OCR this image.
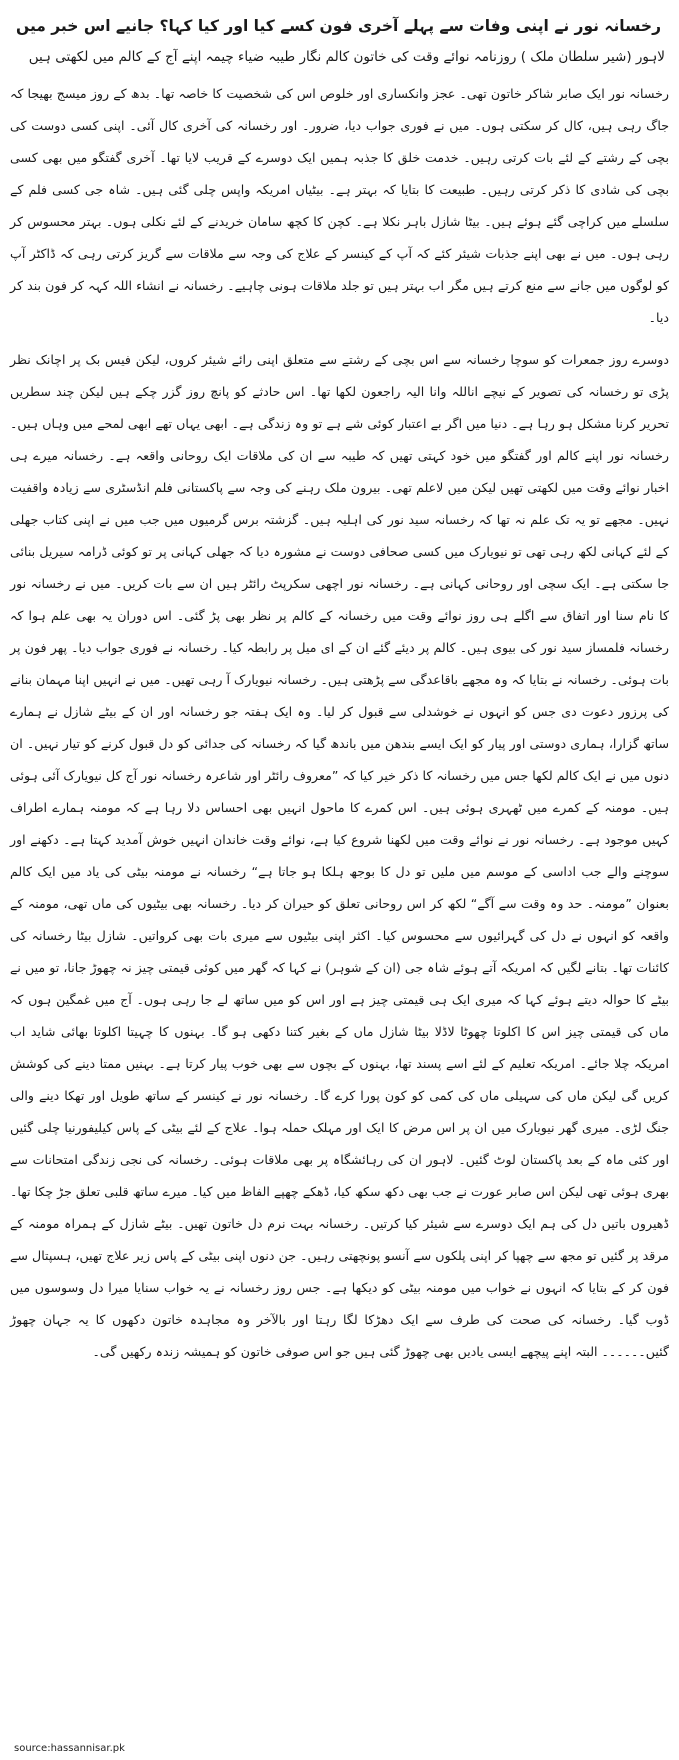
رخسانہ نور نے اپنی وفات سے پہلے آخری فون کسے کیا اور کیا کہا؟ جانیے اس خبر میں
لاہور (شیر سلطان ملک ) روزنامہ نوائے وقت کی خاتون کالم نگار طیبہ ضیاء چیمہ اپنے آج کے کالم میں لکھتی ہیں

رخسانہ نور ایک صابر شاکر خاتون تھی۔ عجز وانکساری اور خلوص اس کی شخصیت کا خاصہ تھا۔ بدھ کے روز میسج بھیجا کہ جاگ رہی ہیں، کال کر سکتی ہوں۔ میں نے فوری جواب دیا، ضرور۔ اور رخسانہ کی آخری کال آئی۔ اپنی کسی دوست کی بچی کے رشتے کے لئے بات کرتی رہیں۔ خدمت خلق کا جذبہ ہمیں ایک دوسرے کے قریب لایا تھا۔ آخری گفتگو میں بھی کسی بچی کی شادی کا ذکر کرتی رہیں۔ طبیعت کا بتایا کہ بہتر ہے۔ بیٹیاں امریکہ واپس چلی گئی ہیں۔ شاہ جی کسی فلم کے سلسلے میں کراچی گئے ہوئے ہیں۔ بیٹا شازل باہر نکلا ہے۔ کچن کا کچھ سامان خریدنے کے لئے نکلی ہوں۔ بہتر محسوس کر رہی ہوں۔ میں نے بھی اپنے جذبات شیئر کئے کہ آپ کے کینسر کے علاج کی وجہ سے ملاقات سے گریز کرتی رہی کہ ڈاکٹر آپ کو لوگوں میں جانے سے منع کرتے ہیں مگر اب بہتر ہیں تو جلد ملاقات ہونی چاہیے۔ رخسانہ نے انشاء اللہ کہہ کر فون بند کر دیا۔

دوسرے روز جمعرات کو سوچا رخسانہ سے اس بچی کے رشتے سے متعلق اپنی رائے شیئر کروں، لیکن فیس بک پر اچانک نظر پڑی تو رخسانہ کی تصویر کے نیچے اناللہ وانا الیہ راجعون لکھا تھا۔ اس حادثے کو پانچ روز گزر چکے ہیں لیکن چند سطریں تحریر کرنا مشکل ہو رہا ہے۔ دنیا میں اگر بے اعتبار کوئی شے ہے تو وہ زندگی ہے۔ ابھی یہاں تھے ابھی لمحے میں وہاں ہیں۔ رخسانہ نور اپنے کالم اور گفتگو میں خود کہتی تھیں کہ طیبہ سے ان کی ملاقات ایک روحانی واقعہ ہے۔ رخسانہ میرے ہی اخبار نوائے وقت میں لکھتی تھیں لیکن میں لاعلم تھی۔ بیرون ملک رہنے کی وجہ سے پاکستانی فلم انڈسٹری سے زیادہ واقفیت نہیں۔ مجھے تو یہ تک علم نہ تھا کہ رخسانہ سید نور کی اہلیہ ہیں۔ گزشتہ برس گرمیوں میں جب میں نے اپنی کتاب جھلی کے لئے کہانی لکھ رہی تھی تو نیویارک میں کسی صحافی دوست نے مشورہ دیا کہ جھلی کہانی پر تو کوئی ڈرامہ سیریل بنائی جا سکتی ہے۔ ایک سچی اور روحانی کہانی ہے۔ رخسانہ نور اچھی سکرپٹ رائٹر ہیں ان سے بات کریں۔ میں نے رخسانہ نور کا نام سنا اور اتفاق سے اگلے ہی روز نوائے وقت میں رخسانہ کے کالم پر نظر بھی پڑ گئی۔ اس دوران یہ بھی علم ہوا کہ رخسانہ فلمساز سید نور کی بیوی ہیں۔ کالم پر دیئے گئے ان کے ای میل پر رابطہ کیا۔ رخسانہ نے فوری جواب دیا۔ پھر فون پر بات ہوئی۔ رخسانہ نے بتایا کہ وہ مجھے باقاعدگی سے پڑھتی ہیں۔ رخسانہ نیویارک آ رہی تھیں۔ میں نے انہیں اپنا مہمان بنانے کی پرزور دعوت دی جس کو انہوں نے خوشدلی سے قبول کر لیا۔ وہ ایک ہفتہ جو رخسانہ اور ان کے بیٹے شازل نے ہمارے ساتھ گزارا، ہماری دوستی اور پیار کو ایک ایسے بندھن میں باندھ گیا کہ رخسانہ کی جدائی کو دل قبول کرنے کو تیار نہیں۔ ان دنوں میں نے ایک کالم لکھا جس میں رخسانہ کا ذکر خیر کیا کہ ”معروف رائٹر اور شاعرہ رخسانہ نور آج کل نیویارک آئی ہوئی ہیں۔ مومنہ کے کمرے میں ٹھہری ہوئی ہیں۔ اس کمرے کا ماحول انہیں بھی احساس دلا رہا ہے کہ مومنہ ہمارے اطراف کہیں موجود ہے۔ رخسانہ نور نے نوائے وقت میں لکھنا شروع کیا ہے، نوائے وقت خاندان انہیں خوش آمدید کہتا ہے۔ دکھنے اور سوچنے والے جب اداسی کے موسم میں ملیں تو دل کا بوجھ ہلکا ہو جاتا ہے“ رخسانہ نے مومنہ بیٹی کی یاد میں ایک کالم بعنوان ”مومنہ۔ حد وہ وقت سے آگے“ لکھ کر اس روحانی تعلق کو حیران کر دیا۔ رخسانہ بھی بیٹیوں کی ماں تھی، مومنہ کے واقعہ کو انہوں نے دل کی گہرائیوں سے محسوس کیا۔ اکثر اپنی بیٹیوں سے میری بات بھی کرواتیں۔ شازل بیٹا رخسانہ کی کائنات تھا۔ بتانے لگیں کہ امریکہ آتے ہوئے شاہ جی (ان کے شوہر) نے کہا کہ گھر میں کوئی قیمتی چیز نہ چھوڑ جانا، تو میں نے بیٹے کا حوالہ دیتے ہوئے کہا کہ میری ایک ہی قیمتی چیز ہے اور اس کو میں ساتھ لے جا رہی ہوں۔ آج میں غمگین ہوں کہ ماں کی قیمتی چیز اس کا اکلوتا چھوٹا لاڈلا بیٹا شازل ماں کے بغیر کتنا دکھی ہو گا۔ بہنوں کا چہیتا اکلوتا بھائی شاید اب امریکہ چلا جائے۔ امریکہ تعلیم کے لئے اسے پسند تھا، بہنوں کے بچوں سے بھی خوب پیار کرتا ہے۔ بہنیں ممتا دینے کی کوشش کریں گی لیکن ماں کی سہیلی ماں کی کمی کو کون پورا کرے گا۔ رخسانہ نور نے کینسر کے ساتھ طویل اور تھکا دینے والی جنگ لڑی۔ میری گھر نیویارک میں ان پر اس مرض کا ایک اور مہلک حملہ ہوا۔ علاج کے لئے بیٹی کے پاس کیلیفورنیا چلی گئیں اور کئی ماہ کے بعد پاکستان لوٹ گئیں۔ لاہور ان کی رہائشگاہ پر بھی ملاقات ہوئی۔ رخسانہ کی نجی زندگی امتحانات سے بھری ہوئی تھی لیکن اس صابر عورت نے جب بھی دکھ سکھ کیا، ڈھکے چھپے الفاظ میں کیا۔ میرے ساتھ قلبی تعلق جڑ چکا تھا۔ ڈھیروں باتیں دل کی ہم ایک دوسرے سے شیئر کیا کرتیں۔ رخسانہ بہت نرم دل خاتون تھیں۔ بیٹے شازل کے ہمراہ مومنہ کے مرقد پر گئیں تو مجھ سے چھپا کر اپنی پلکوں سے آنسو پونچھتی رہیں۔ جن دنوں اپنی بیٹی کے پاس زیر علاج تھیں، ہسپتال سے فون کر کے بتایا کہ انہوں نے خواب میں مومنہ بیٹی کو دیکھا ہے۔ جس روز رخسانہ نے یہ خواب سنایا میرا دل وسوسوں میں ڈوب گیا۔ رخسانہ کی صحت کی طرف سے ایک دھڑکا لگا رہتا اور بالآخر وہ مجاہدہ خاتون دکھوں کا یہ جہان چھوڑ گئیں۔۔۔۔۔۔ البتہ اپنے پیچھے ایسی یادیں بھی چھوڑ گئی ہیں جو اس صوفی خاتون کو ہمیشہ زندہ رکھیں گی۔

source:hassannisar.pk
